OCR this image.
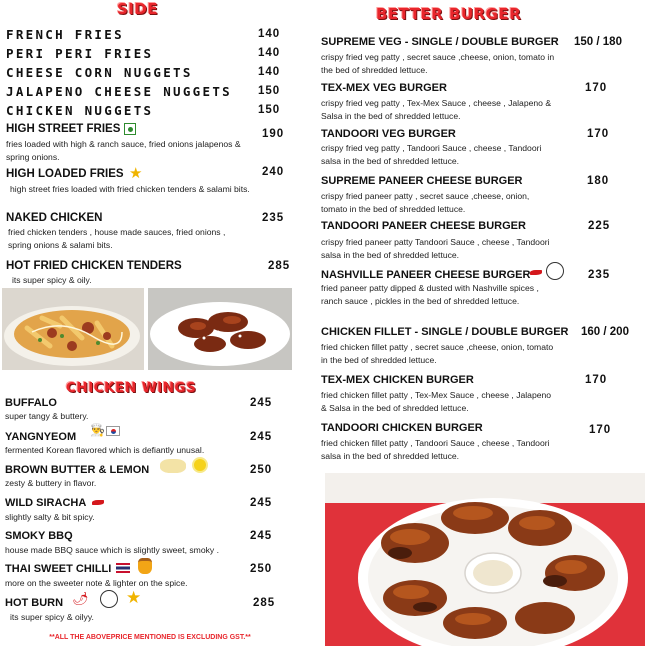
SIDE
FRENCH FRIES	140
PERI PERI FRIES	140
CHEESE CORN NUGGETS	140
JALAPENO CHEESE NUGGETS 150
CHICKEN NUGGETS	150
HIGH STREET FRIES	190
fries loaded with high & ranch sauce, fried onions jalapenos & spring onions.
HIGH LOADED FRIES ★	240
high street fries loaded with fried chicken tenders & salami bits.
NAKED CHICKEN	235
fried chicken tenders , house made sauces, fried onions , spring onions & salami bits.
HOT FRIED CHICKEN TENDERS	285
its super spicy & oily.
CHICKEN WINGS
BUFFALO	245
super tangy & buttery.
YANGNYEOM 👨‍🍳	245
fermented Korean flavored which is defiantly unusal.
BROWN BUTTER & LEMON	250
zesty & buttery in flavor.
WILD SIRACHA	245
slightly salty & bit spicy.
SMOKY BBQ	245
house made BBQ sauce which is slightly sweet, smoky .
THAI SWEET CHILLI	250
more on the sweeter note & lighter on the spice.
HOT BURN 🌶 ★	285
its super spicy & oilyy.
**ALL THE ABOVEPRICE MENTIONED IS EXCLUDING GST.**
BETTER BURGER
SUPREME VEG - SINGLE / DOUBLE BURGER 150 / 180
crispy fried veg patty , secret sauce ,cheese, onion, tomato in the bed of shredded lettuce.
TEX-MEX VEG BURGER	170
crispy fried veg patty , Tex-Mex Sauce , cheese , Jalapeno & Salsa in the bed of shredded lettuce.
TANDOORI VEG BURGER	170
crispy fried veg patty , Tandoori Sauce , cheese , Tandoori salsa in the bed of shredded lettuce.
SUPREME PANEER CHEESE BURGER	180
crispy fried paneer patty , secret sauce ,cheese, onion, tomato in the bed of shredded lettuce.
TANDOORI PANEER CHEESE BURGER	225
crispy fried paneer patty Tandoori Sauce , cheese , Tandoori salsa in the bed of shredded lettuce.
NASHVILLE PANEER CHEESE BURGER	235
fried paneer patty dipped & dusted with Nashville spices , ranch sauce , pickles in the bed of shredded lettuce.
CHICKEN FILLET - SINGLE / DOUBLE BURGER 160 / 200
fried chicken fillet patty , secret sauce ,cheese, onion, tomato in the bed of shredded lettuce.
TEX-MEX CHICKEN BURGER	170
fried chicken fillet patty , Tex-Mex Sauce , cheese , Jalapeno & Salsa in the bed of shredded lettuce.
TANDOORI CHICKEN BURGER	170
fried chicken fillet patty , Tandoori Sauce , cheese , Tandoori salsa in the bed of shredded lettuce.
